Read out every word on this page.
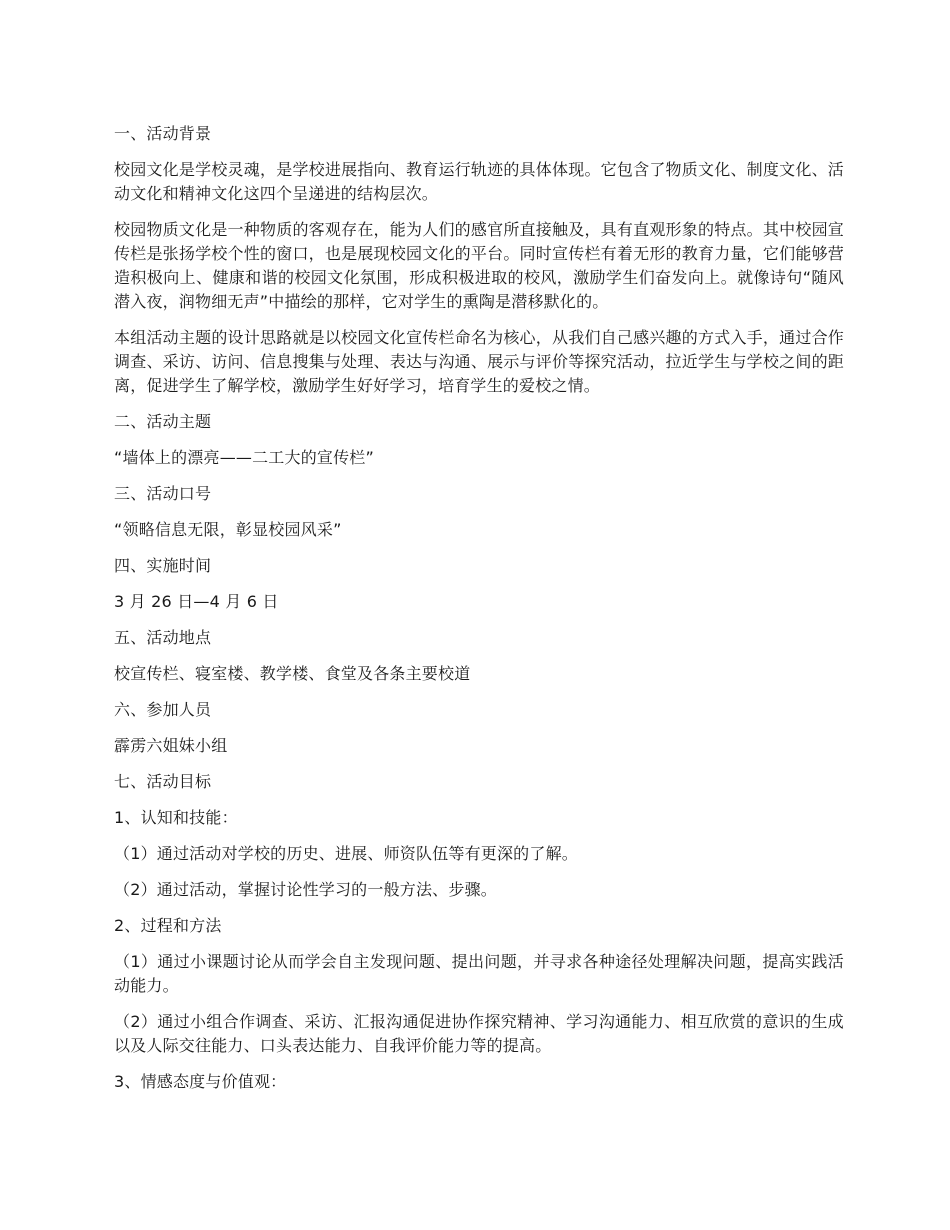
一、活动背景

校园文化是学校灵魂，是学校进展指向、教育运行轨迹的具体体现。它包含了物质文化、制度文化、活动文化和精神文化这四个呈递进的结构层次。

校园物质文化是一种物质的客观存在，能为人们的感官所直接触及，具有直观形象的特点。其中校园宣传栏是张扬学校个性的窗口，也是展现校园文化的平台。同时宣传栏有着无形的教育力量，它们能够营造积极向上、健康和谐的校园文化氛围，形成积极进取的校风，激励学生们奋发向上。就像诗句“随风潜入夜，润物细无声”中描绘的那样，它对学生的熏陶是潜移默化的。

本组活动主题的设计思路就是以校园文化宣传栏命名为核心，从我们自己感兴趣的方式入手，通过合作调查、采访、访问、信息搜集与处理、表达与沟通、展示与评价等探究活动，拉近学生与学校之间的距离，促进学生了解学校，激励学生好好学习，培育学生的爱校之情。

二、活动主题

“墙体上的漂亮——二工大的宣传栏”

三、活动口号

“领略信息无限，彰显校园风采”

四、实施时间

3 月 26 日—4 月 6 日

五、活动地点

校宣传栏、寝室楼、教学楼、食堂及各条主要校道

六、参加人员

霹雳六姐妹小组

七、活动目标

1、认知和技能：

（1）通过活动对学校的历史、进展、师资队伍等有更深的了解。

（2）通过活动，掌握讨论性学习的一般方法、步骤。

2、过程和方法

（1）通过小课题讨论从而学会自主发现问题、提出问题，并寻求各种途径处理解决问题，提高实践活动能力。

（2）通过小组合作调查、采访、汇报沟通促进协作探究精神、学习沟通能力、相互欣赏的意识的生成以及人际交往能力、口头表达能力、自我评价能力等的提高。

3、情感态度与价值观：
